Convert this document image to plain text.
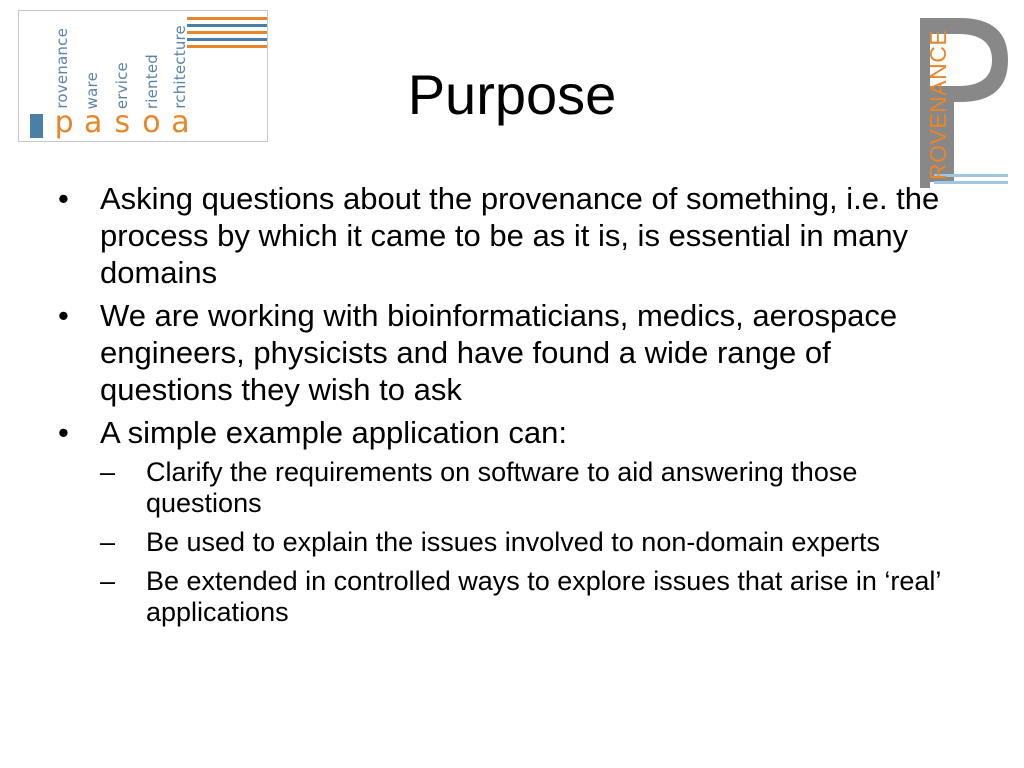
rovenance ware ervice riented rchitecture
p a s o a	Purpose	ROVENANCE
• Asking questions about the provenance of something, i.e. the process by which it came to be as it is, is essential in many domains
• We are working with bioinformaticians, medics, aerospace engineers, physicists and have found a wide range of questions they wish to ask
• A simple example application can:
– Clarify the requirements on software to aid answering those questions
– Be used to explain the issues involved to non-domain experts
– Be extended in controlled ways to explore issues that arise in ‘real’ applications
